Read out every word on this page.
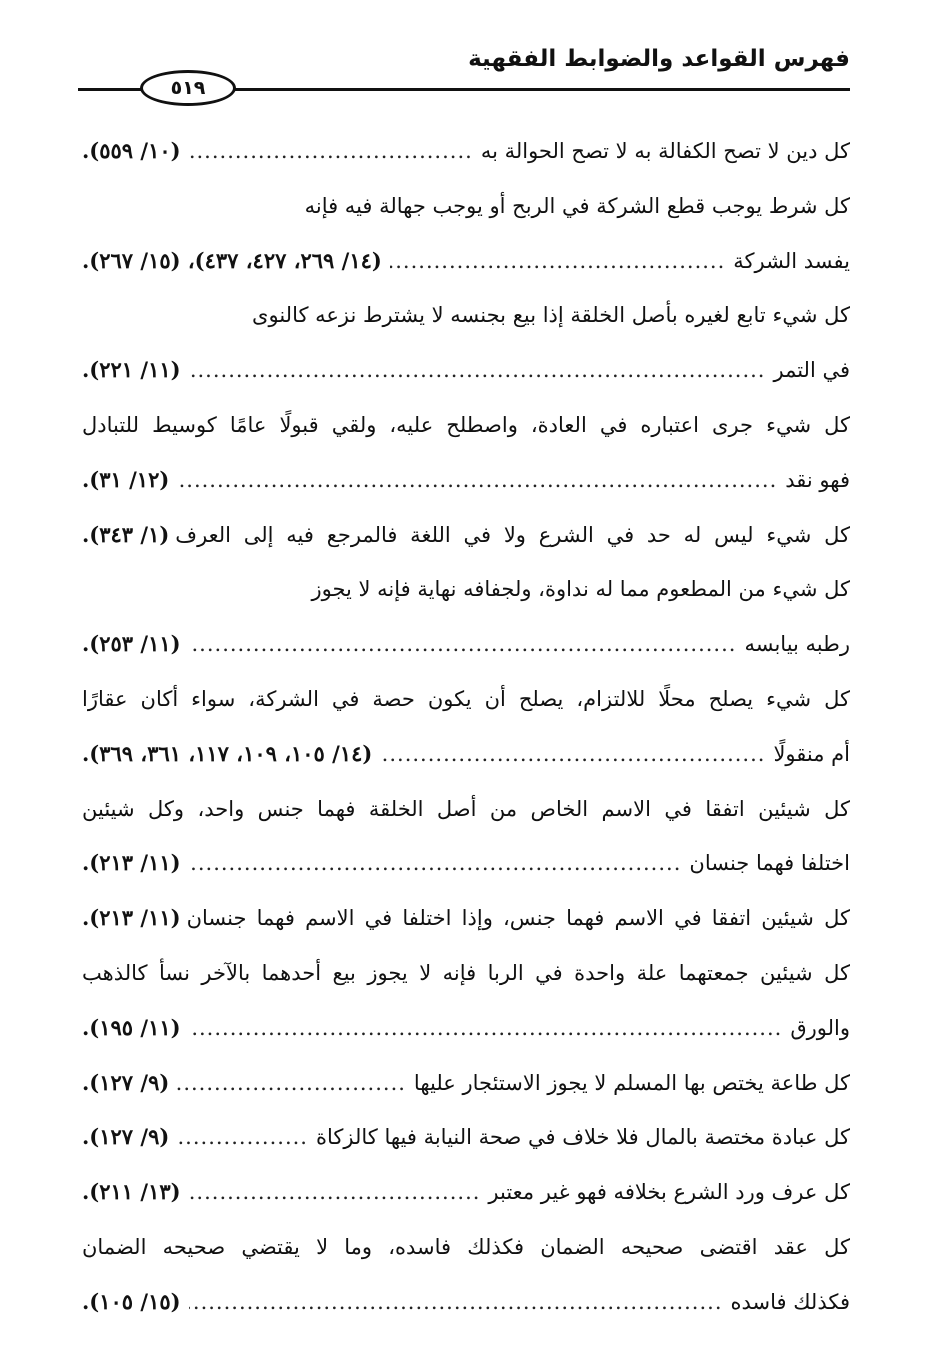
فهرس القواعد والضوابط الفقهية
٥١٩
كل دين لا تصح الكفالة به لا تصح الحوالة به
.....
(١٠/ ٥٥٩).
كل شرط يوجب قطع الشركة في الربح أو يوجب جهالة فيه فإنه
يفسد الشركة
.....
(١٤/ ٢٦٩، ٤٢٧، ٤٣٧)، (١٥/ ٢٦٧).
كل شيء تابع لغيره بأصل الخلقة إذا بيع بجنسه لا يشترط نزعه كالنوى
في التمر
.....
(١١/ ٢٢١).
كل شيء جرى اعتباره في العادة، واصطلح عليه، ولقي قبولًا عامًا كوسيط للتبادل
فهو نقد
.....
(١٢/ ٣١).
كل شيء ليس له حد في الشرع ولا في اللغة فالمرجع فيه إلى العرف
(١/ ٣٤٣).
كل شيء من المطعوم مما له نداوة، ولجفافه نهاية فإنه لا يجوز
رطبه بيابسه
.....
(١١/ ٢٥٣).
كل شيء يصلح محلًا للالتزام، يصلح أن يكون حصة في الشركة، سواء أكان عقارًا
أم منقولًا
.....
(١٤/ ١٠٥، ١٠٩، ١١٧، ٣٦١، ٣٦٩).
كل شيئين اتفقا في الاسم الخاص من أصل الخلقة فهما جنس واحد، وكل شيئين
اختلفا فهما جنسان
.....
(١١/ ٢١٣).
كل شيئين اتفقا في الاسم فهما جنس، وإذا اختلفا في الاسم فهما جنسان
(١١/ ٢١٣).
كل شيئين جمعتهما علة واحدة في الربا فإنه لا يجوز بيع أحدهما بالآخر نسأ كالذهب
والورق
.....
(١١/ ١٩٥).
كل طاعة يختص بها المسلم لا يجوز الاستئجار عليها
.....
(٩/ ١٢٧).
كل عبادة مختصة بالمال فلا خلاف في صحة النيابة فيها كالزكاة
.....
(٩/ ١٢٧).
كل عرف ورد الشرع بخلافه فهو غير معتبر
.....
(١٣/ ٢١١).
كل عقد اقتضى صحيحه الضمان فكذلك فاسده، وما لا يقتضي صحيحه الضمان
فكذلك فاسده
.....
(١٥/ ١٠٥).
